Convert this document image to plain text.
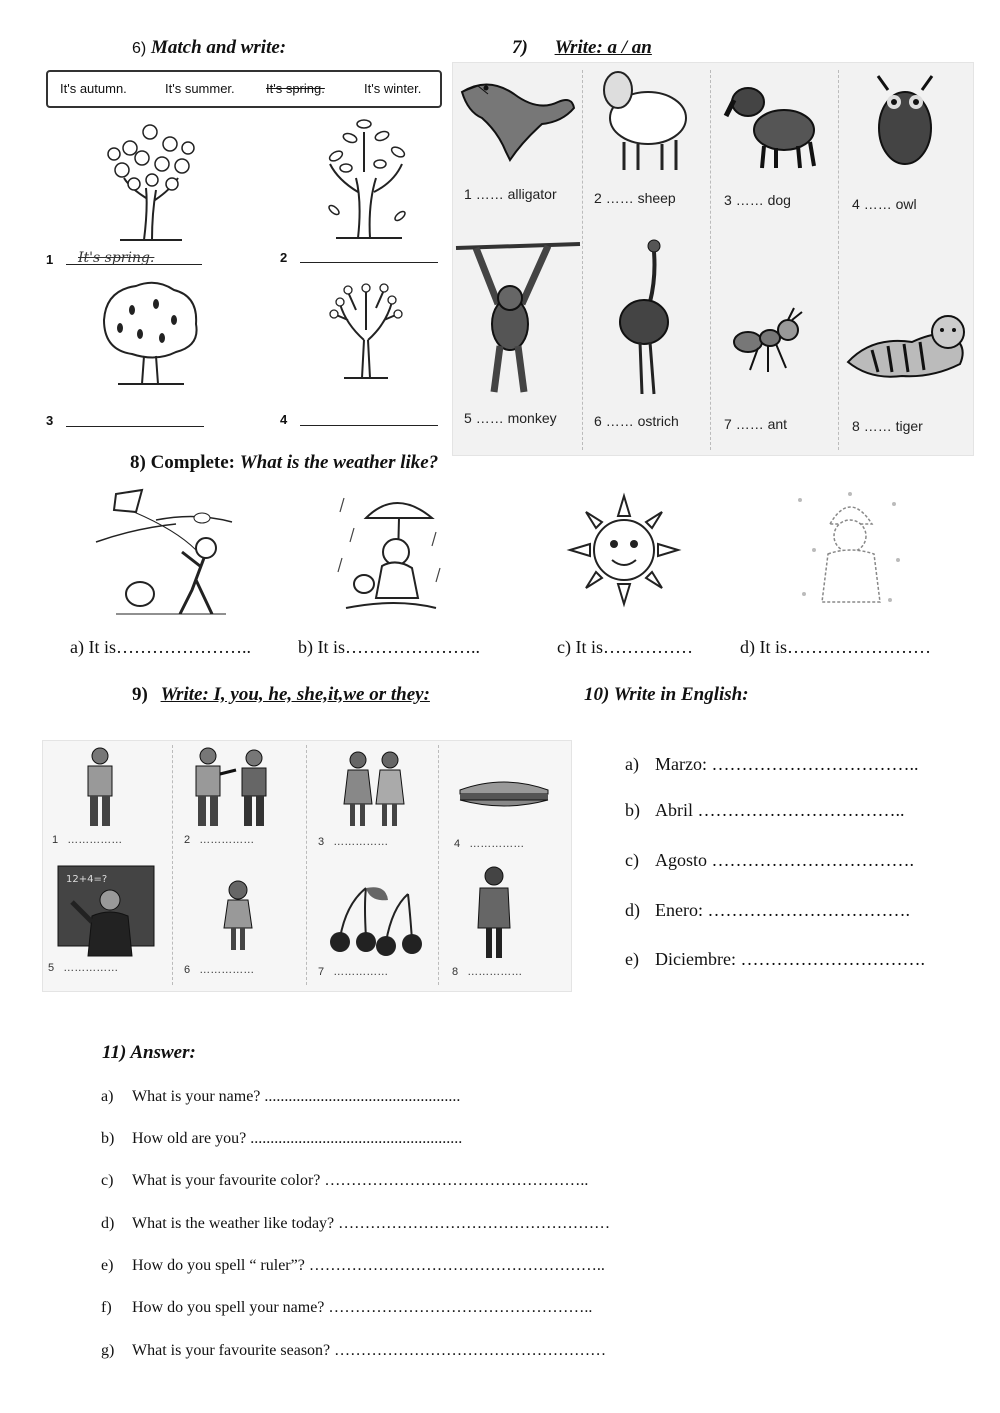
6) Match and write:
It's autumn.	It's summer. It's spring.	It's winter.
1 It's spring.	2
3	4
7) Write: a / an
1 …… alligator	2 …… sheep	3 …… dog	4 …… owl
5 …… monkey	6 …… ostrich	7 …… ant	8 …… tiger
8) Complete: What is the weather like?
a) It is…………………..	b) It is…………………..	c) It is……………	d) It is……………………
9) Write: I, you, he, she,it,we or they:
12+4=?
1 ……………	2 ……………	3 ……………	4 ……………
5 ……………	6 ……………	7 ……………	8 ……………
10) Write in English:
a) Marzo: ……………………………..
b) Abril ……………………………..
c) Agosto …………………………….
d) Enero: …………………………….
e) Diciembre: ………………………….
11) Answer:
a) What is your name? .................................................
b) How old are you? .....................................................
c) What is your favourite color? …………………………………………..
d) What is the weather like today? ……………………………………………
e) How do you spell “ ruler”? ………………………………………………..
f) How do you spell your name? …………………………………………..
g) What is your favourite season? ……………………………………………
